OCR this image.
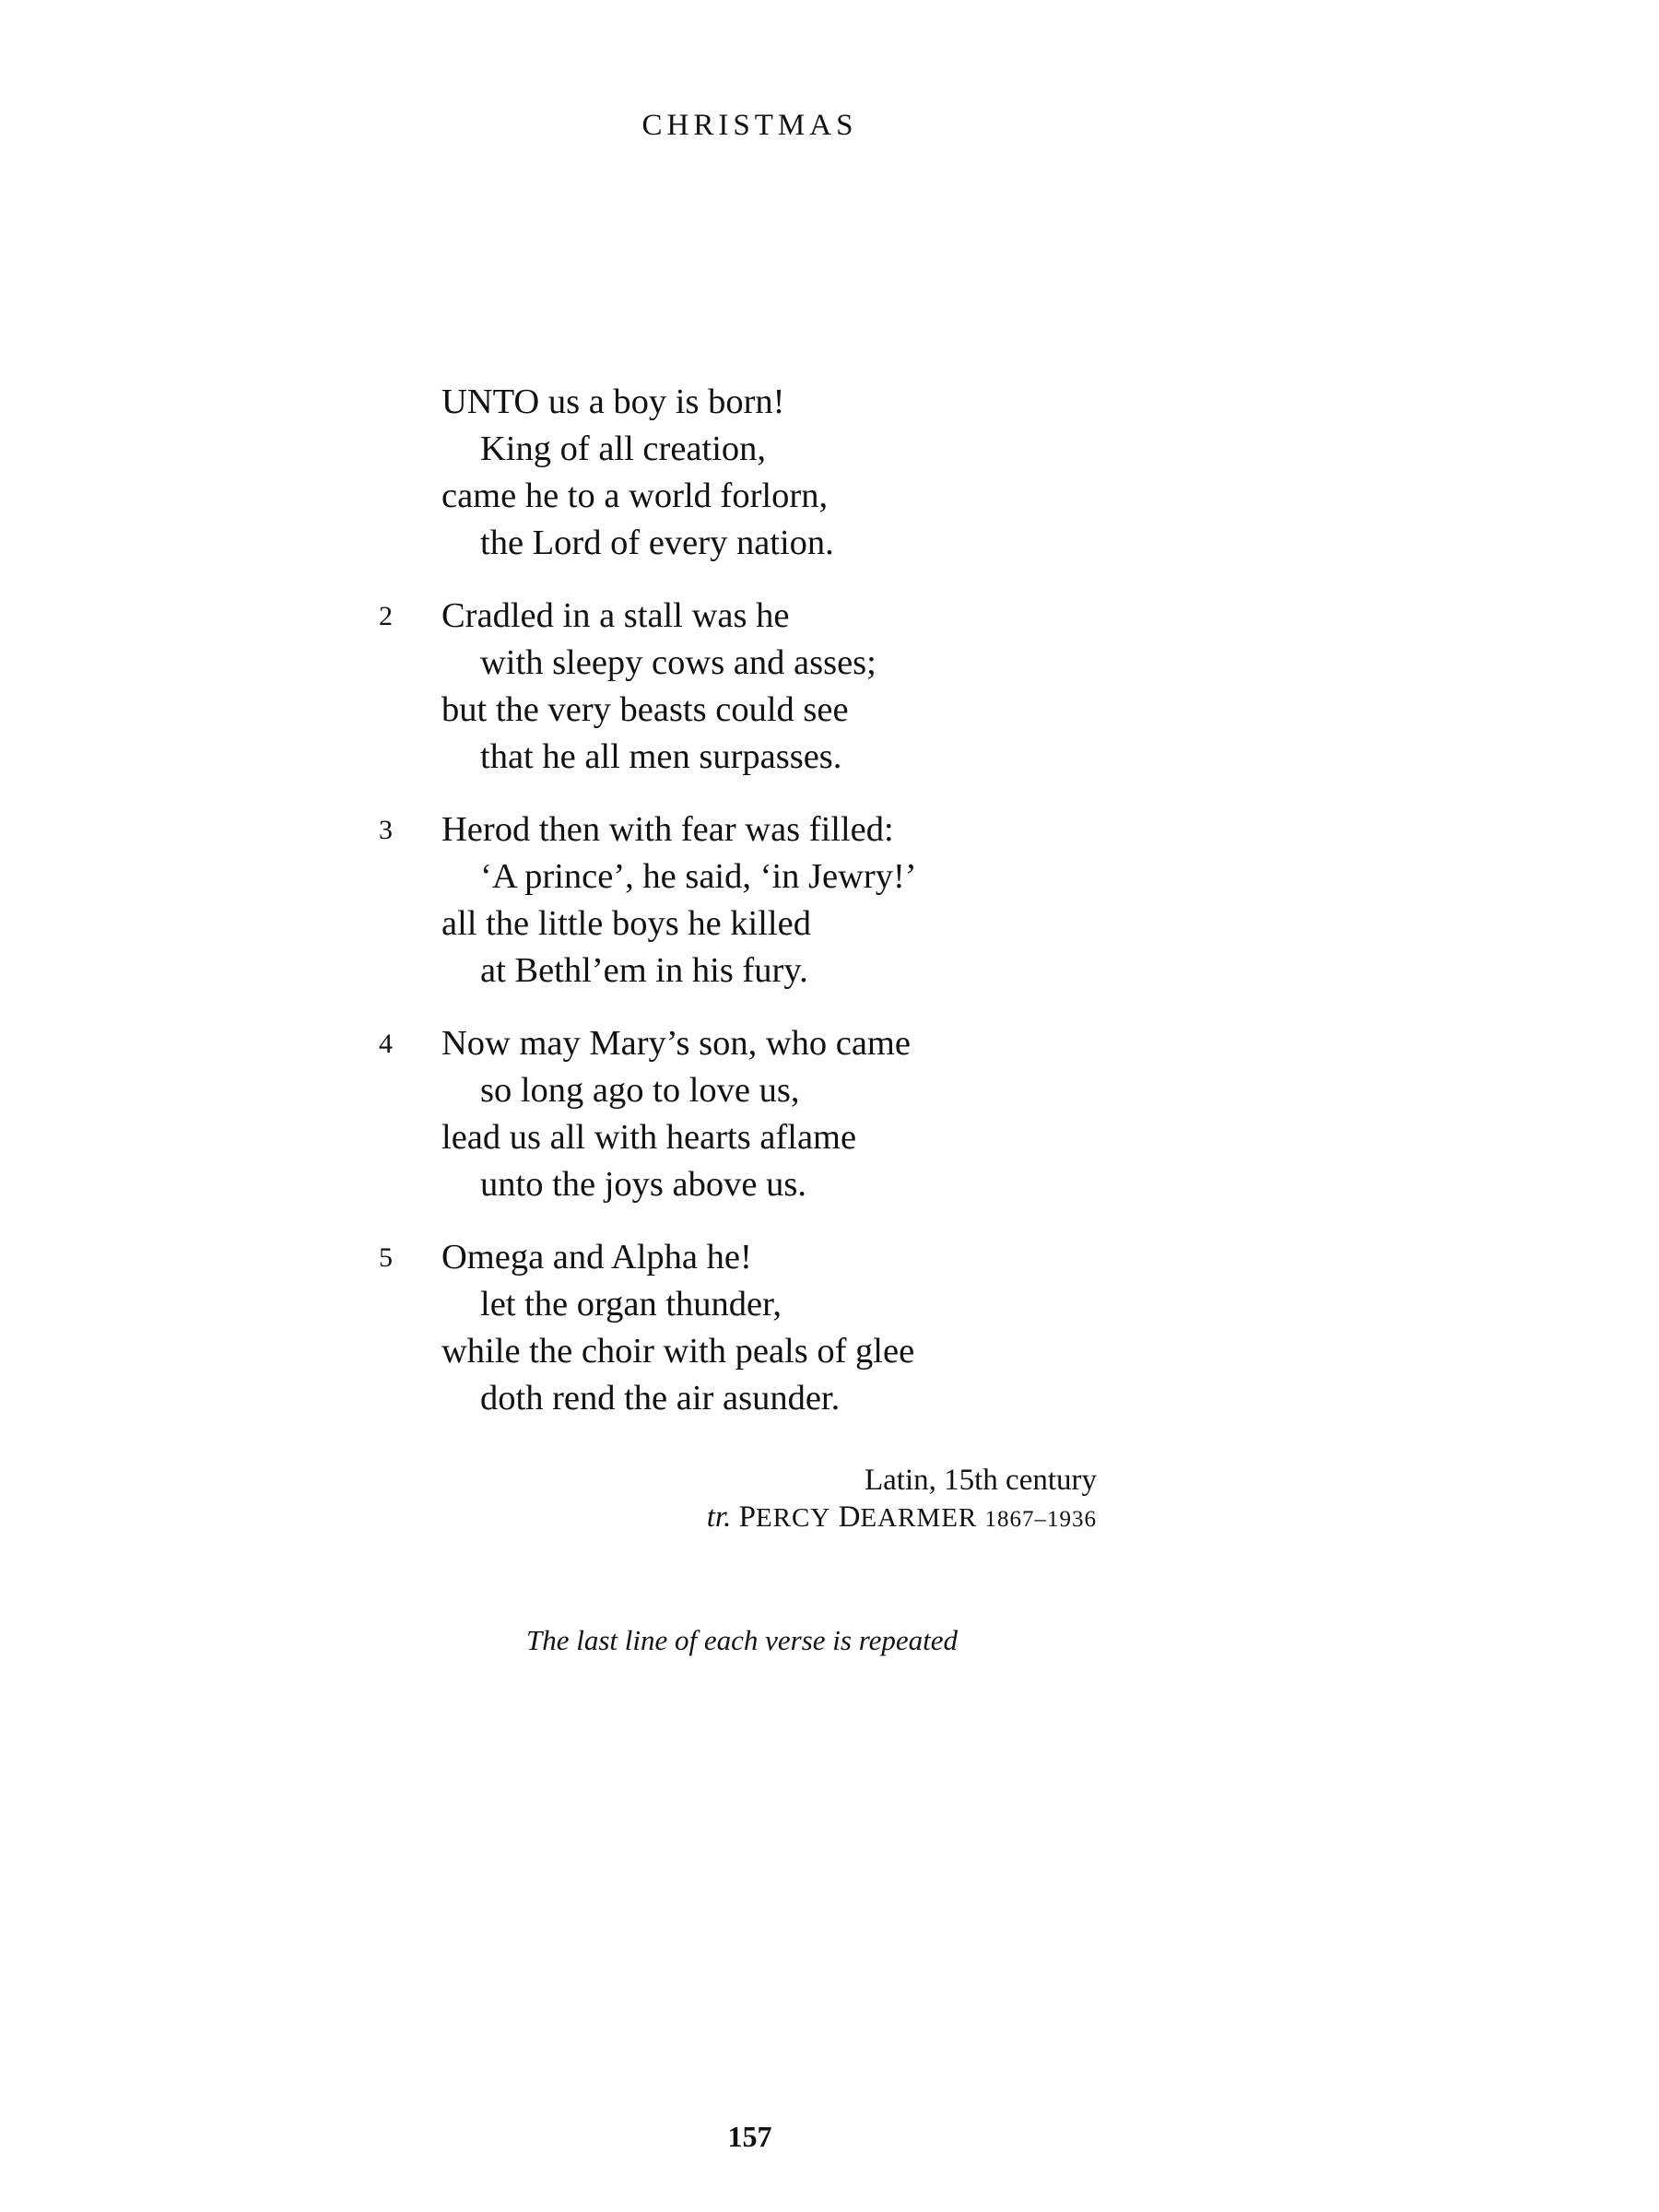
CHRISTMAS
UNTO us a boy is born!
King of all creation,
came he to a world forlorn,
the Lord of every nation.
2	Cradled in a stall was he
with sleepy cows and asses;
but the very beasts could see
that he all men surpasses.
3	Herod then with fear was filled:
‘A prince’, he said, ‘in Jewry!’
all the little boys he killed
at Bethl’em in his fury.
4	Now may Mary’s son, who came
so long ago to love us,
lead us all with hearts aflame
unto the joys above us.
5	Omega and Alpha he!
let the organ thunder,
while the choir with peals of glee
doth rend the air asunder.
Latin, 15th century
tr. PERCY DEARMER 1867–1936
The last line of each verse is repeated
157
